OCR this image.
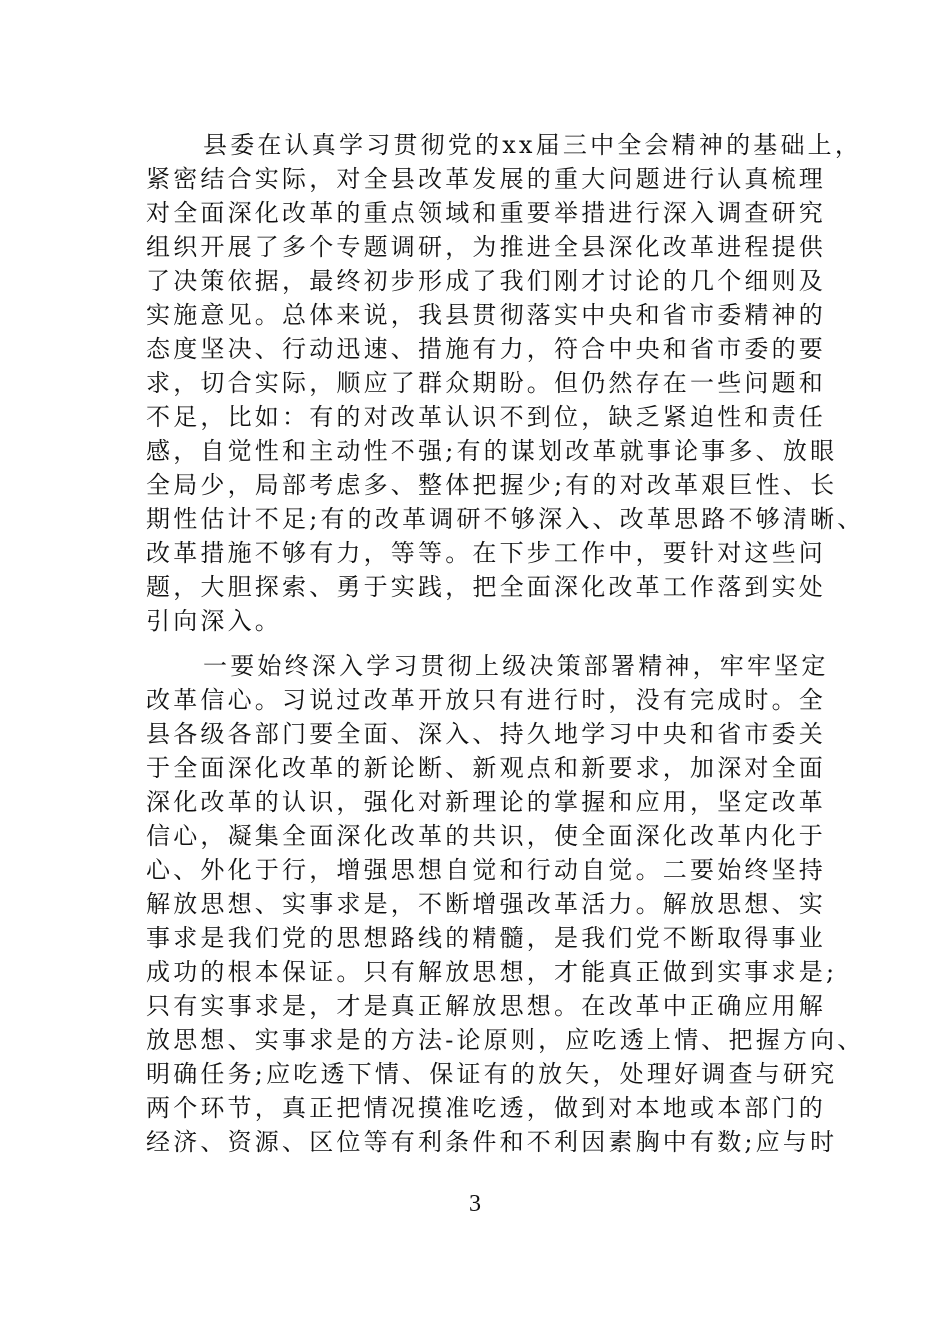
县委在认真学习贯彻党的xx届三中全会精神的基础上，
紧密结合实际，对全县改革发展的重大问题进行认真梳理
对全面深化改革的重点领域和重要举措进行深入调查研究
组织开展了多个专题调研，为推进全县深化改革进程提供
了决策依据，最终初步形成了我们刚才讨论的几个细则及
实施意见。总体来说，我县贯彻落实中央和省市委精神的
态度坚决、行动迅速、措施有力，符合中央和省市委的要
求，切合实际，顺应了群众期盼。但仍然存在一些问题和
不足，比如：有的对改革认识不到位，缺乏紧迫性和责任
感，自觉性和主动性不强;有的谋划改革就事论事多、放眼
全局少，局部考虑多、整体把握少;有的对改革艰巨性、长
期性估计不足;有的改革调研不够深入、改革思路不够清晰、
改革措施不够有力，等等。在下步工作中，要针对这些问
题，大胆探索、勇于实践，把全面深化改革工作落到实处
引向深入。
一要始终深入学习贯彻上级决策部署精神，牢牢坚定
改革信心。习说过改革开放只有进行时，没有完成时。全
县各级各部门要全面、深入、持久地学习中央和省市委关
于全面深化改革的新论断、新观点和新要求，加深对全面
深化改革的认识，强化对新理论的掌握和应用，坚定改革
信心，凝集全面深化改革的共识，使全面深化改革内化于
心、外化于行，增强思想自觉和行动自觉。二要始终坚持
解放思想、实事求是，不断增强改革活力。解放思想、实
事求是我们党的思想路线的精髓，是我们党不断取得事业
成功的根本保证。只有解放思想，才能真正做到实事求是;
只有实事求是，才是真正解放思想。在改革中正确应用解
放思想、实事求是的方法-论原则，应吃透上情、把握方向、
明确任务;应吃透下情、保证有的放矢，处理好调查与研究
两个环节，真正把情况摸准吃透，做到对本地或本部门的
经济、资源、区位等有利条件和不利因素胸中有数;应与时
3
